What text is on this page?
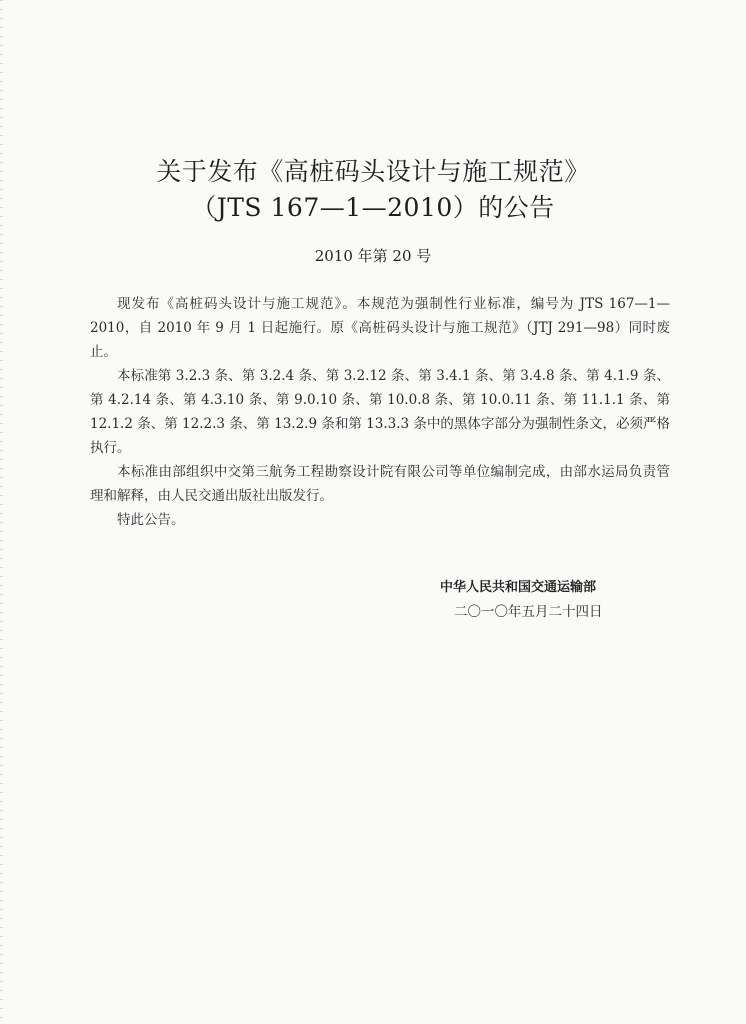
关于发布《高桩码头设计与施工规范》
（JTS 167—1—2010）的公告
2010 年第 20 号

现发布《高桩码头设计与施工规范》。本规范为强制性行业标准，编号为 JTS 167—1—2010，自 2010 年 9 月 1 日起施行。原《高桩码头设计与施工规范》（JTJ 291—98）同时废止。

本标准第 3.2.3 条、第 3.2.4 条、第 3.2.12 条、第 3.4.1 条、第 3.4.8 条、第 4.1.9 条、第 4.2.14 条、第 4.3.10 条、第 9.0.10 条、第 10.0.8 条、第 10.0.11 条、第 11.1.1 条、第 12.1.2 条、第 12.2.3 条、第 13.2.9 条和第 13.3.3 条中的黑体字部分为强制性条文，必须严格执行。

本标准由部组织中交第三航务工程勘察设计院有限公司等单位编制完成，由部水运局负责管理和解释，由人民交通出版社出版发行。

特此公告。

中华人民共和国交通运输部
二〇一〇年五月二十四日
